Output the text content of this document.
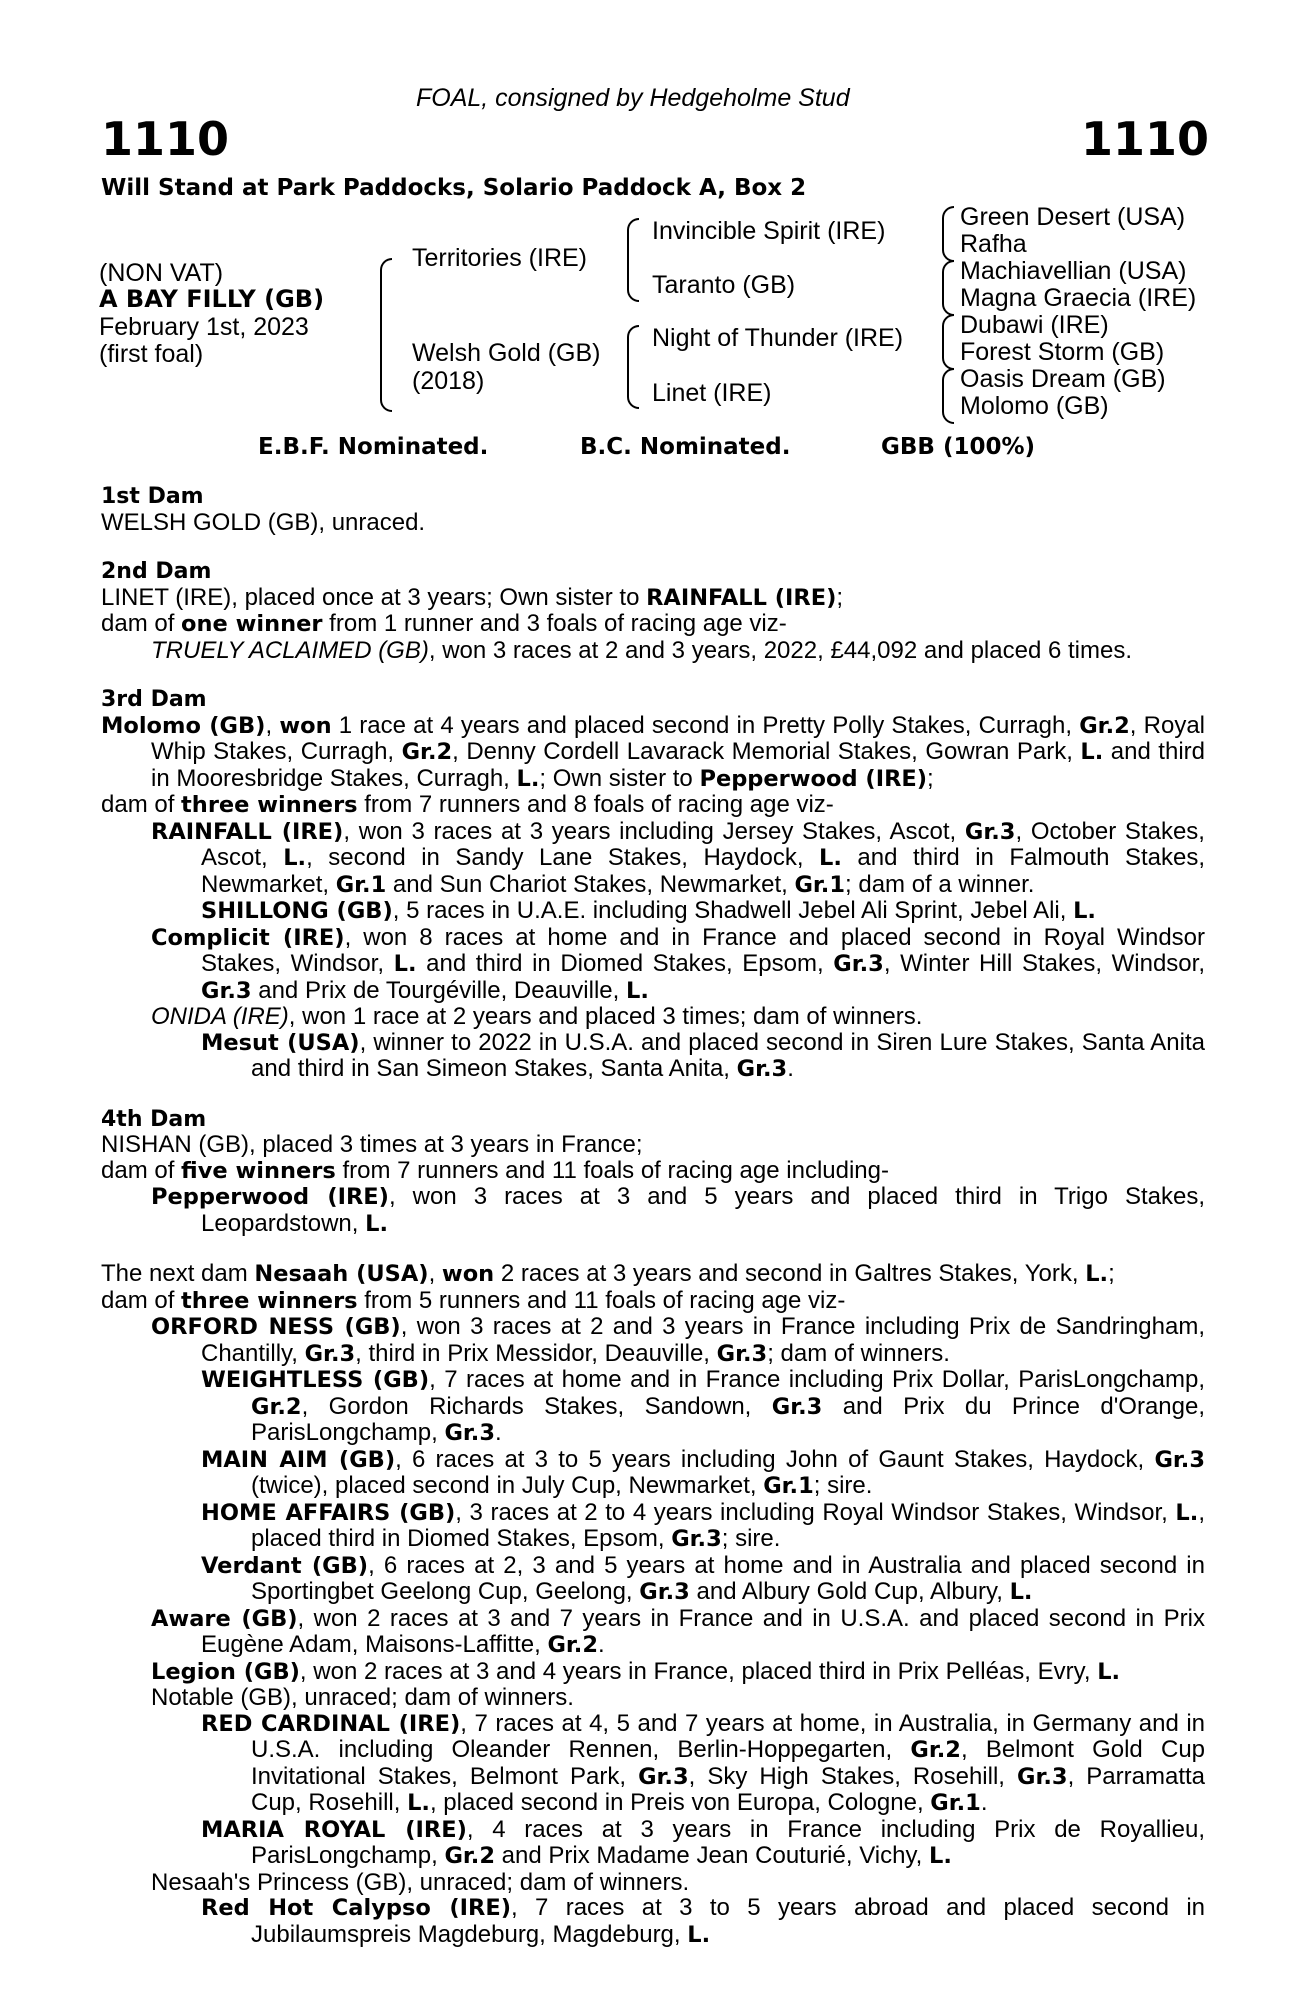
FOAL, consigned by Hedgeholme Stud
1110	1110
Will Stand at Park Paddocks, Solario Paddock A, Box 2
(NON VAT)
A BAY FILLY (GB)
February 1st, 2023
(first foal)
Territories (IRE)
Welsh Gold (GB)
(2018)
Invincible Spirit (IRE)
Taranto (GB)
Night of Thunder (IRE)
Linet (IRE)
Green Desert (USA)
Rafha
Machiavellian (USA)
Magna Graecia (IRE)
Dubawi (IRE)
Forest Storm (GB)
Oasis Dream (GB)
Molomo (GB)
E.B.F. Nominated.	B.C. Nominated.	GBB (100%)
1st Dam
WELSH GOLD (GB), unraced.
2nd Dam
LINET (IRE), placed once at 3 years; Own sister to RAINFALL (IRE);
dam of one winner from 1 runner and 3 foals of racing age viz-
TRUELY ACLAIMED (GB), won 3 races at 2 and 3 years, 2022, £44,092 and placed 6 times.
3rd Dam
Molomo (GB), won 1 race at 4 years and placed second in Pretty Polly Stakes, Curragh, Gr.2, Royal Whip Stakes, Curragh, Gr.2, Denny Cordell Lavarack Memorial Stakes, Gowran Park, L. and third in Mooresbridge Stakes, Curragh, L.; Own sister to Pepperwood (IRE);
dam of three winners from 7 runners and 8 foals of racing age viz-
RAINFALL (IRE), won 3 races at 3 years including Jersey Stakes, Ascot, Gr.3, October Stakes, Ascot, L., second in Sandy Lane Stakes, Haydock, L. and third in Falmouth Stakes, Newmarket, Gr.1 and Sun Chariot Stakes, Newmarket, Gr.1; dam of a winner.
SHILLONG (GB), 5 races in U.A.E. including Shadwell Jebel Ali Sprint, Jebel Ali, L.
Complicit (IRE), won 8 races at home and in France and placed second in Royal Windsor Stakes, Windsor, L. and third in Diomed Stakes, Epsom, Gr.3, Winter Hill Stakes, Windsor, Gr.3 and Prix de Tourgéville, Deauville, L.
ONIDA (IRE), won 1 race at 2 years and placed 3 times; dam of winners.
Mesut (USA), winner to 2022 in U.S.A. and placed second in Siren Lure Stakes, Santa Anita and third in San Simeon Stakes, Santa Anita, Gr.3.
4th Dam
NISHAN (GB), placed 3 times at 3 years in France;
dam of five winners from 7 runners and 11 foals of racing age including-
Pepperwood (IRE), won 3 races at 3 and 5 years and placed third in Trigo Stakes, Leopardstown, L.
The next dam Nesaah (USA), won 2 races at 3 years and second in Galtres Stakes, York, L.;
dam of three winners from 5 runners and 11 foals of racing age viz-
ORFORD NESS (GB), won 3 races at 2 and 3 years in France including Prix de Sandringham, Chantilly, Gr.3, third in Prix Messidor, Deauville, Gr.3; dam of winners.
WEIGHTLESS (GB), 7 races at home and in France including Prix Dollar, ParisLongchamp, Gr.2, Gordon Richards Stakes, Sandown, Gr.3 and Prix du Prince d'Orange, ParisLongchamp, Gr.3.
MAIN AIM (GB), 6 races at 3 to 5 years including John of Gaunt Stakes, Haydock, Gr.3 (twice), placed second in July Cup, Newmarket, Gr.1; sire.
HOME AFFAIRS (GB), 3 races at 2 to 4 years including Royal Windsor Stakes, Windsor, L., placed third in Diomed Stakes, Epsom, Gr.3; sire.
Verdant (GB), 6 races at 2, 3 and 5 years at home and in Australia and placed second in Sportingbet Geelong Cup, Geelong, Gr.3 and Albury Gold Cup, Albury, L.
Aware (GB), won 2 races at 3 and 7 years in France and in U.S.A. and placed second in Prix Eugène Adam, Maisons-Laffitte, Gr.2.
Legion (GB), won 2 races at 3 and 4 years in France, placed third in Prix Pelléas, Evry, L.
Notable (GB), unraced; dam of winners.
RED CARDINAL (IRE), 7 races at 4, 5 and 7 years at home, in Australia, in Germany and in U.S.A. including Oleander Rennen, Berlin-Hoppegarten, Gr.2, Belmont Gold Cup Invitational Stakes, Belmont Park, Gr.3, Sky High Stakes, Rosehill, Gr.3, Parramatta Cup, Rosehill, L., placed second in Preis von Europa, Cologne, Gr.1.
MARIA ROYAL (IRE), 4 races at 3 years in France including Prix de Royallieu, ParisLongchamp, Gr.2 and Prix Madame Jean Couturié, Vichy, L.
Nesaah's Princess (GB), unraced; dam of winners.
Red Hot Calypso (IRE), 7 races at 3 to 5 years abroad and placed second in Jubilaumspreis Magdeburg, Magdeburg, L.
